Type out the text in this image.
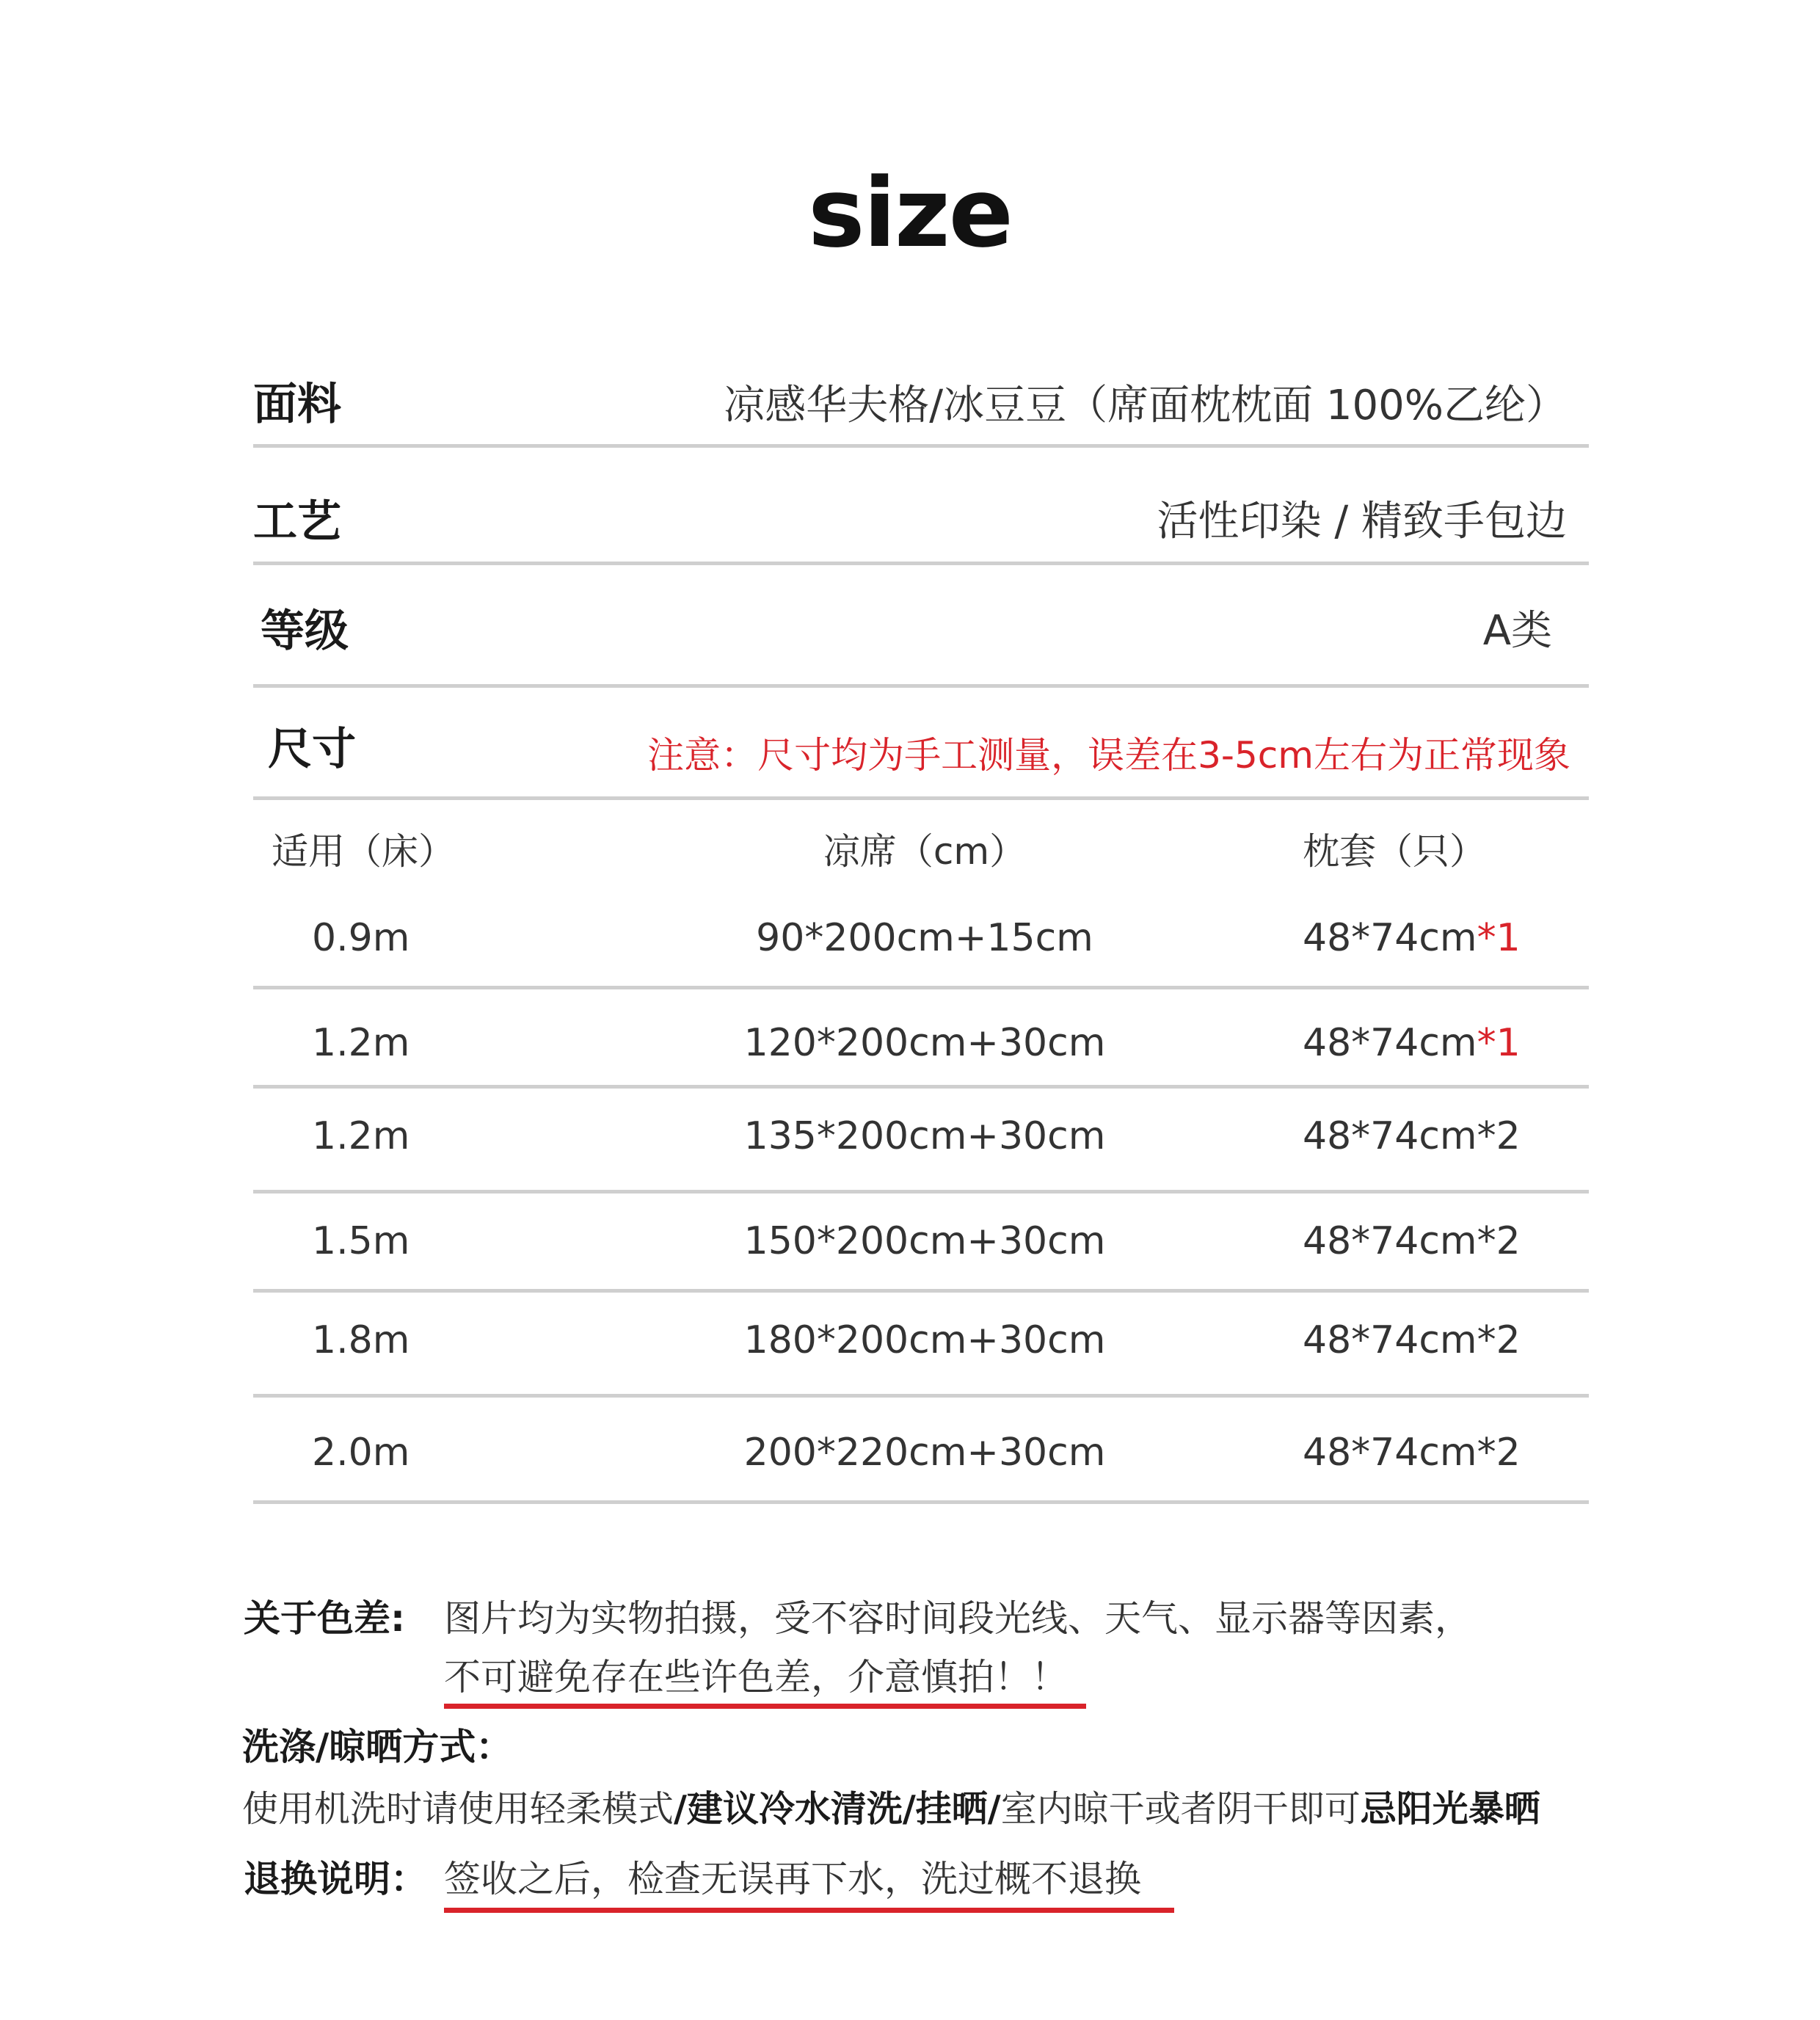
size
面料	凉感华夫格/冰豆豆（席面枕枕面 100%乙纶）
工艺	活性印染 / 精致手包边
等级	A类
尺寸	注意：尺寸均为手工测量，误差在3-5cm左右为正常现象
适用（床）	凉席（cm）	枕套（只）
0.9m	90*200cm+15cm	48*74cm*1
1.2m	120*200cm+30cm	48*74cm*1
1.2m	135*200cm+30cm	48*74cm*2
1.5m	150*200cm+30cm	48*74cm*2
1.8m	180*200cm+30cm	48*74cm*2
2.0m	200*220cm+30cm	48*74cm*2
关于色差: 图片均为实物拍摄，受不容时间段光线、天气、显示器等因素，
不可避免存在些许色差，介意慎拍！！
洗涤/晾晒方式：
使用机洗时请使用轻柔模式/建议冷水清洗/挂晒/室内晾干或者阴干即可忌阳光暴晒
退换说明： 签收之后，检查无误再下水，洗过概不退换
